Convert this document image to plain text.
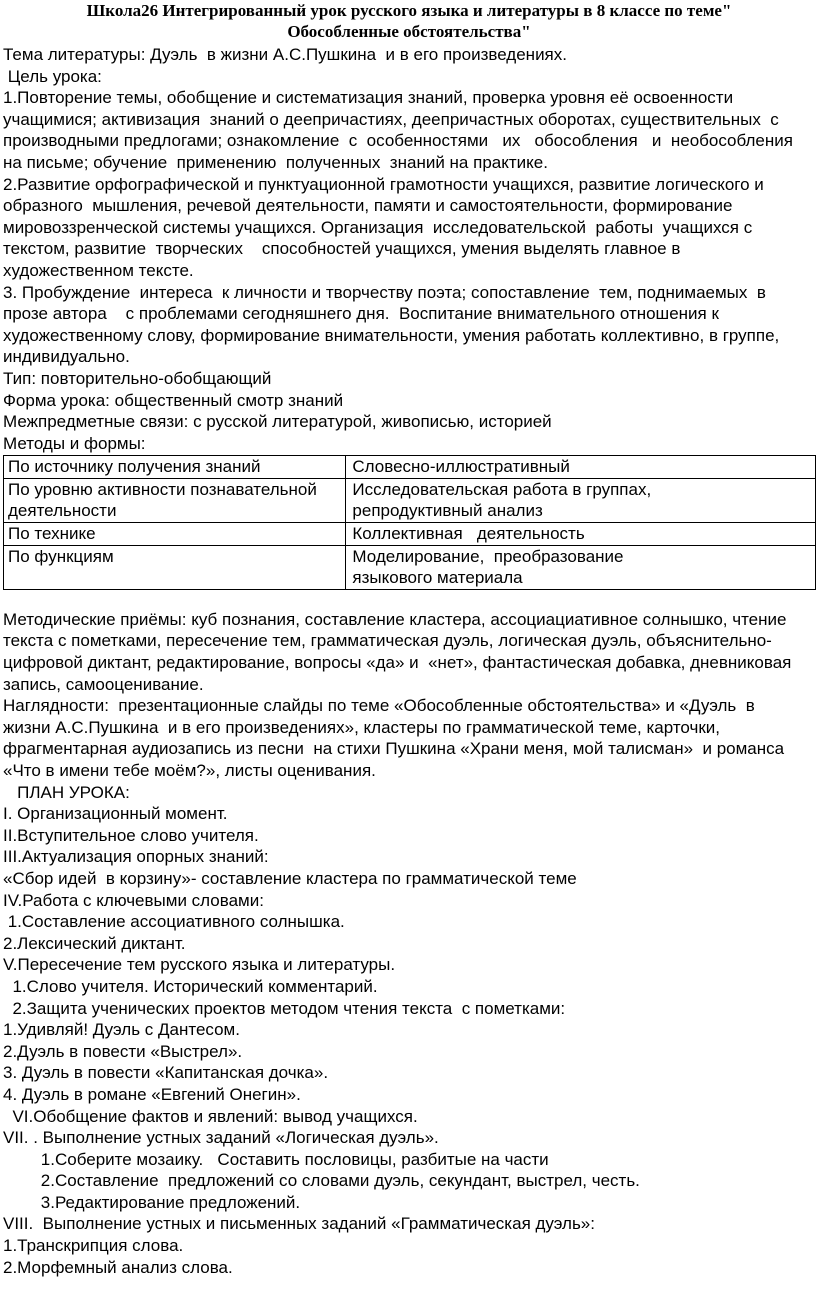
Школа26 Интегрированный урок русского языка и литературы в 8 классе по теме"

Обособленные обстоятельства"

Тема литературы: Дуэль  в жизни А.С.Пушкина  и в его произведениях.

Цель урока:

1.Повторение темы, обобщение и систематизация знаний, проверка уровня её освоенности

учащимися; активизация  знаний о деепричастиях, деепричастных оборотах, существительных  с

производными предлогами; ознакомление  с  особенностями   их   обособления   и  необособления

на письме; обучение  применению  полученных  знаний на практике.

2.Развитие орфографической и пунктуационной грамотности учащихся, развитие логического и

образного  мышления, речевой деятельности, памяти и самостоятельности, формирование

мировоззренческой системы учащихся. Организация  исследовательской  работы  учащихся с

текстом, развитие  творческих    способностей учащихся, умения выделять главное в

художественном тексте.

3. Пробуждение  интереса  к личности и творчеству поэта; сопоставление  тем, поднимаемых  в

прозе автора    с проблемами сегодняшнего дня.  Воспитание внимательного отношения к

художественному слову, формирование внимательности, умения работать коллективно, в группе,

индивидуально.

Тип: повторительно-обобщающий

Форма урока: общественный смотр знаний

Межпредметные связи: с русской литературой, живописью, историей

Методы и формы:

По источнику получения знаний	Словесно-иллюстративный
По уровню активности познавательной
деятельности	Исследовательская работа в группах,
репродуктивный анализ
По технике	Коллективная   деятельность
По функциям	Моделирование,  преобразование
языкового материала

Методические приёмы: куб познания, составление кластера, ассоциациативное солнышко, чтение

текста с пометками, пересечение тем, грамматическая дуэль, логическая дуэль, объяснительно-

цифровой диктант, редактирование, вопросы «да» и  «нет», фантастическая добавка, дневниковая

запись, самооценивание.

Наглядности:  презентационные слайды по теме «Обособленные обстоятельства» и «Дуэль  в

жизни А.С.Пушкина  и в его произведениях», кластеры по грамматической теме, карточки,

фрагментарная аудиозапись из песни  на стихи Пушкина «Храни меня, мой талисман»  и романса

«Что в имени тебе моём?», листы оценивания.

ПЛАН УРОКА:

I. Организационный момент.

II.Вступительное слово учителя.

III.Актуализация опорных знаний:

«Сбор идей  в корзину»- составление кластера по грамматической теме

IV.Работа с ключевыми словами:

1.Составление ассоциативного солнышка.

2.Лексический диктант.

V.Пересечение тем русского языка и литературы.

1.Слово учителя. Исторический комментарий.

2.Защита ученических проектов методом чтения текста  с пометками:

1.Удивляй! Дуэль с Дантесом.

2.Дуэль в повести «Выстрел».

3. Дуэль в повести «Капитанская дочка».

4. Дуэль в романе «Евгений Онегин».

VI.Обобщение фактов и явлений: вывод учащихся.

VII. . Выполнение устных заданий «Логическая дуэль».

1.Соберите мозаику.   Составить пословицы, разбитые на части

2.Составление  предложений со словами дуэль, секундант, выстрел, честь.

3.Редактирование предложений.

VIII.  Выполнение устных и письменных заданий «Грамматическая дуэль»:

1.Транскрипция слова.

2.Морфемный анализ слова.
